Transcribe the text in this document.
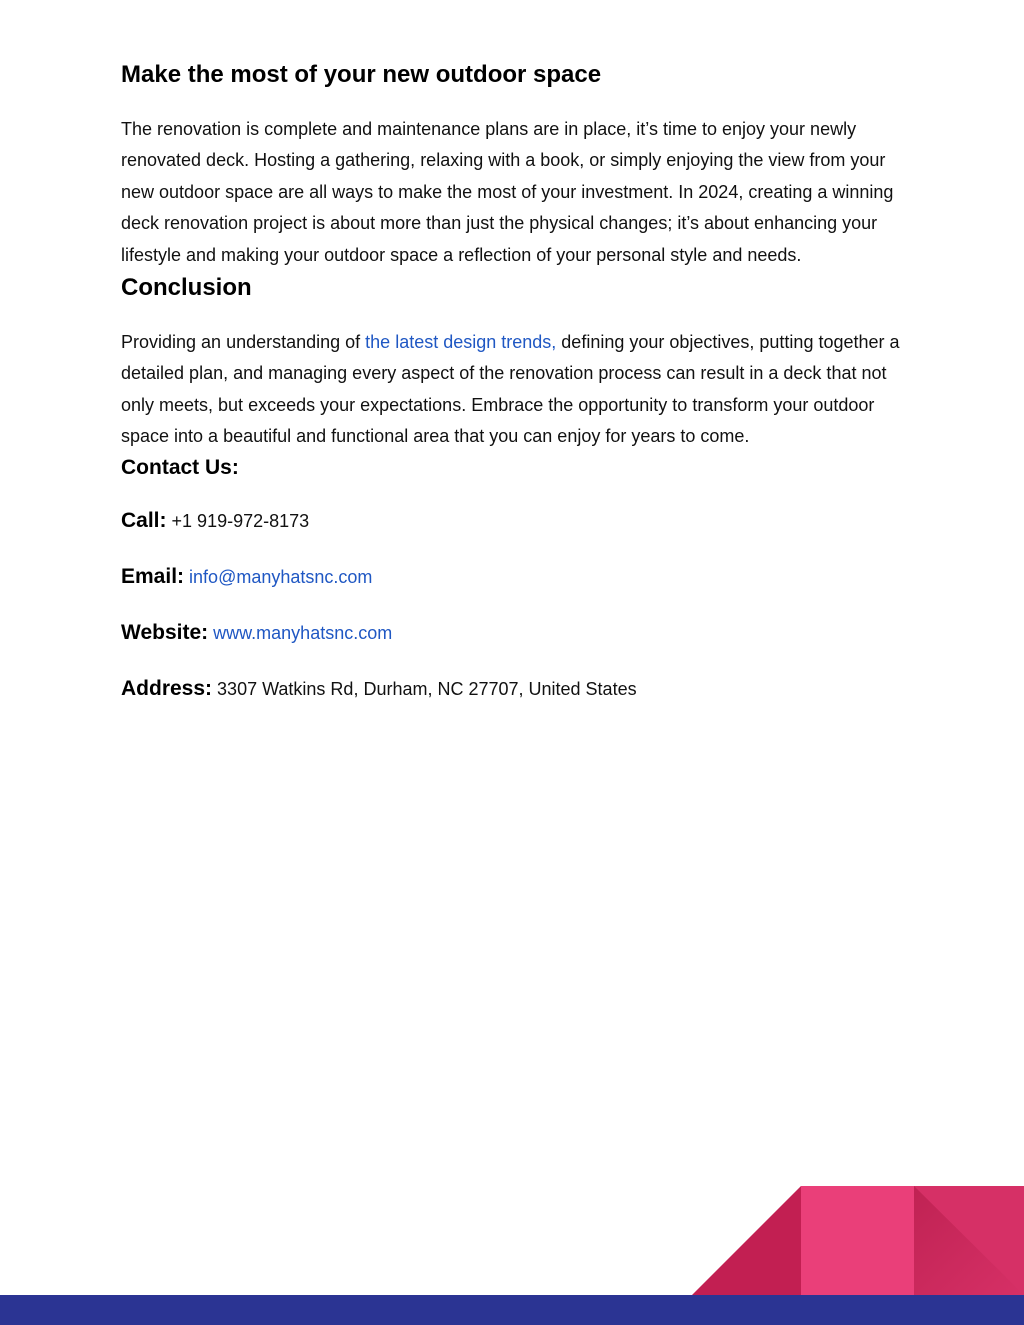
Make the most of your new outdoor space

The renovation is complete and maintenance plans are in place, it’s time to enjoy your newly renovated deck. Hosting a gathering, relaxing with a book, or simply enjoying the view from your new outdoor space are all ways to make the most of your investment. In 2024, creating a winning deck renovation project is about more than just the physical changes; it’s about enhancing your lifestyle and making your outdoor space a reflection of your personal style and needs.

Conclusion

Providing an understanding of the latest design trends, defining your objectives, putting together a detailed plan, and managing every aspect of the renovation process can result in a deck that not only meets, but exceeds your expectations. Embrace the opportunity to transform your outdoor space into a beautiful and functional area that you can enjoy for years to come.

Contact Us:
Call: +1 919-972-8173
Email: info@manyhatsnc.com
Website: www.manyhatsnc.com
Address: 3307 Watkins Rd, Durham, NC 27707, United States
